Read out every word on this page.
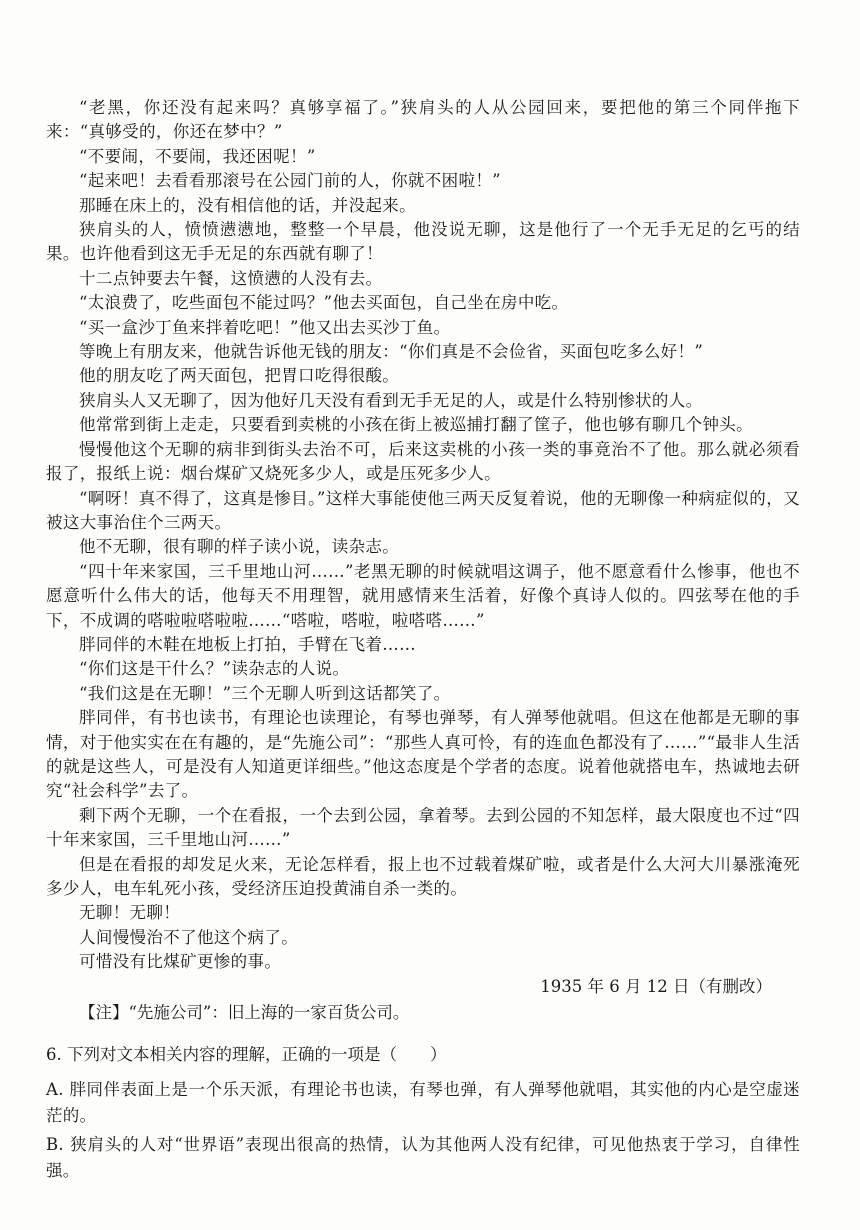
“老黑，你还没有起来吗？真够享福了。”狭肩头的人从公园回来，要把他的第三个同伴拖下来：“真够受的，你还在梦中？”

“不要闹，不要闹，我还困呢！”

“起来吧！去看看那滚号在公园门前的人，你就不困啦！”

那睡在床上的，没有相信他的话，并没起来。

狭肩头的人，愤愤懑懑地，整整一个早晨，他没说无聊，这是他行了一个无手无足的乞丐的结果。也许他看到这无手无足的东西就有聊了！

十二点钟要去午餐，这愤懑的人没有去。

“太浪费了，吃些面包不能过吗？”他去买面包，自己坐在房中吃。

“买一盒沙丁鱼来拌着吃吧！”他又出去买沙丁鱼。

等晚上有朋友来，他就告诉他无钱的朋友：“你们真是不会俭省，买面包吃多么好！”

他的朋友吃了两天面包，把胃口吃得很酸。

狭肩头人又无聊了，因为他好几天没有看到无手无足的人，或是什么特别惨状的人。

他常常到街上走走，只要看到卖桃的小孩在街上被巡捕打翻了筐子，他也够有聊几个钟头。

慢慢他这个无聊的病非到街头去治不可，后来这卖桃的小孩一类的事竟治不了他。那么就必须看报了，报纸上说：烟台煤矿又烧死多少人，或是压死多少人。

“啊呀！真不得了，这真是惨目。”这样大事能使他三两天反复着说，他的无聊像一种病症似的，又被这大事治住个三两天。

他不无聊，很有聊的样子读小说，读杂志。

“四十年来家国，三千里地山河……”老黑无聊的时候就唱这调子，他不愿意看什么惨事，他也不愿意听什么伟大的话，他每天不用理智，就用感情来生活着，好像个真诗人似的。四弦琴在他的手下，不成调的嗒啦啦嗒啦啦……“嗒啦，嗒啦，啦嗒嗒……”

胖同伴的木鞋在地板上打拍，手臂在飞着……

“你们这是干什么？”读杂志的人说。

“我们这是在无聊！”三个无聊人听到这话都笑了。

胖同伴，有书也读书，有理论也读理论，有琴也弹琴，有人弹琴他就唱。但这在他都是无聊的事情，对于他实实在在有趣的，是“先施公司”：“那些人真可怜，有的连血色都没有了……”“最非人生活的就是这些人，可是没有人知道更详细些。”他这态度是个学者的态度。说着他就搭电车，热诚地去研究“社会科学”去了。

剩下两个无聊，一个在看报，一个去到公园，拿着琴。去到公园的不知怎样，最大限度也不过“四十年来家国，三千里地山河……”

但是在看报的却发足火来，无论怎样看，报上也不过载着煤矿啦，或者是什么大河大川暴涨淹死多少人，电车轧死小孩，受经济压迫投黄浦自杀一类的。

无聊！无聊！

人间慢慢治不了他这个病了。

可惜没有比煤矿更惨的事。

1935 年 6 月 12 日（有删改）

【注】“先施公司”：旧上海的一家百货公司。

6. 下列对文本相关内容的理解，正确的一项是（　　）

A. 胖同伴表面上是一个乐天派，有理论书也读，有琴也弹，有人弹琴他就唱，其实他的内心是空虚迷茫的。

B. 狭肩头的人对“世界语”表现出很高的热情，认为其他两人没有纪律，可见他热衷于学习，自律性强。
